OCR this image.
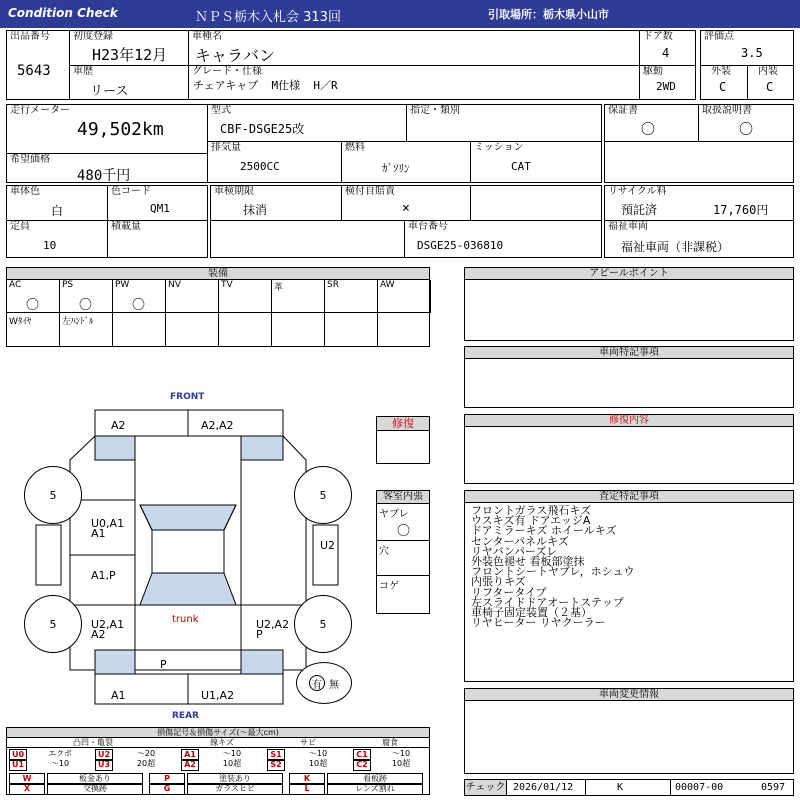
Condition Check	ＮＰＳ栃木入札会 313回	引取場所：栃木県小山市
出品番号
5643
初度登録
H23年12月
車種名
キャラバン
ドア数
4
評価点
3.5
車歴
リース
グレード・仕様
チェアキャブ  M仕様  H／R
駆動
2WD
外装
C
内装
C
走行メーター
49,502km
型式
CBF-DSGE25改
指定・類別	保証書
〇
取扱説明書
〇
希望価格
480千円
排気量
2500CC
燃料
ｶﾞｿﾘﾝ
ミッション
CAT
車体色
白
色コード
QM1
車検期限
抹消
検付自賠責
×
リサイクル料
預託済	17,760円
定員
10
積載量	車台番号
DSGE25-036810
福祉車両
福祉車両（非課税）
装備
AC
〇
PS
〇
PW
〇
NV	TV	革	SR	AW
Wﾀｲﾔ	左ﾊﾝﾄﾞﾙ
アピールポイント
車両特記事項
修復内容
査定特記事項
フロントガラス飛石キズ
ウスキズ有 ドアエッジA
ドアミラーキズ ホイールキズ
センターパネルキズ
リヤバンパーズレ
外装色褪せ 看板部塗抹
フロントシートヤブレ，ホシュウ
内張りキズ
リフタータイプ
左スライドドアオートステップ
車椅子固定装置（２基）
リヤヒーター リヤクーラー
車両変更情報
修復
客室内張
ヤブレ
〇
穴
コゲ
FRONT
REAR
5	5
5	5
A2	A2,A2
U0,A1
A1
A1,P
U2,A1
A2
U2
U2,A2
P
trunk
P
A1	U1,A2
有 無
損傷記号＆損傷サイズ(〜最大cm)
凸凹・亀裂	線キズ	サビ	腐食
U0	エクボ	U2	〜20	A1	〜10	S1	〜10	C1	〜10
U1	〜10	U3	20超	A2	10超	S2	10超	C2	10超
W	板金あり	P	塗装あり	K	看板跡
X	交換跡	G	ガラスヒビ	L	レンズ割れ	チェック 2026/01/12	K	00007-00	0597
